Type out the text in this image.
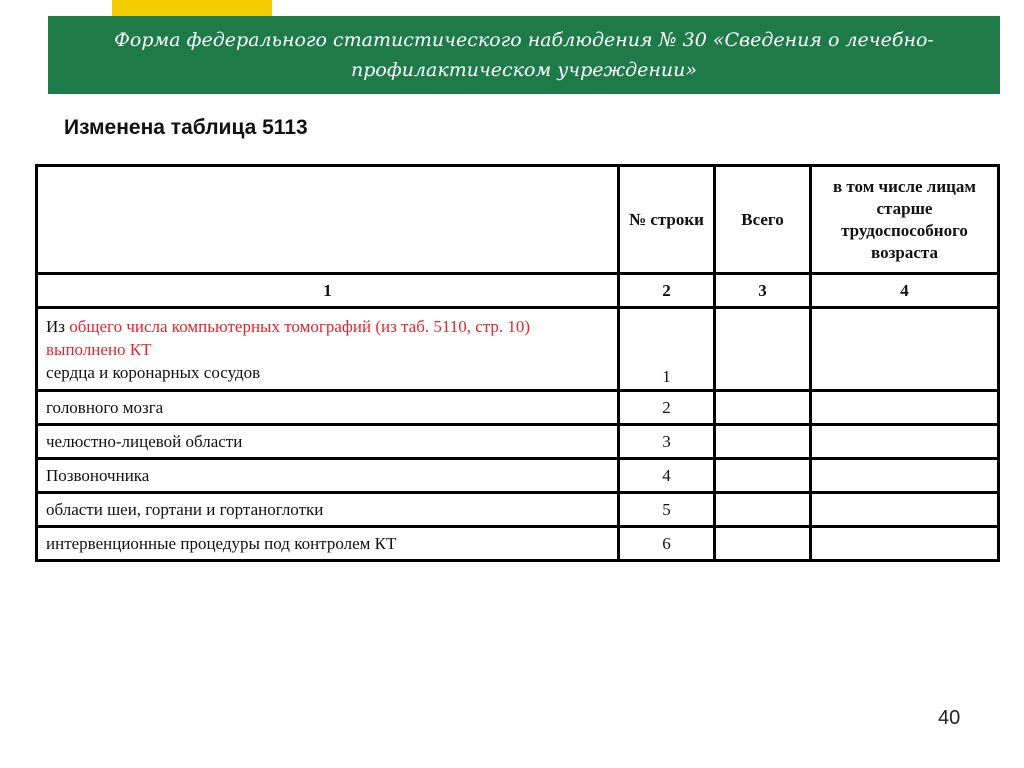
Форма федерального статистического наблюдения № 30 «Сведения о лечебно-профилактическом учреждении»
Изменена таблица 5113
	№ строки	Всего	в том числе лицам старше трудоспособного возраста
1	2	3	4
Из общего числа компьютерных томографий (из таб. 5110, стр. 10) выполнено КТ
сердца и коронарных сосудов	1		
головного мозга	2		
челюстно-лицевой области	3		
Позвоночника	4		
области шеи, гортани и гортаноглотки	5		
интервенционные процедуры под контролем КТ	6		
40
